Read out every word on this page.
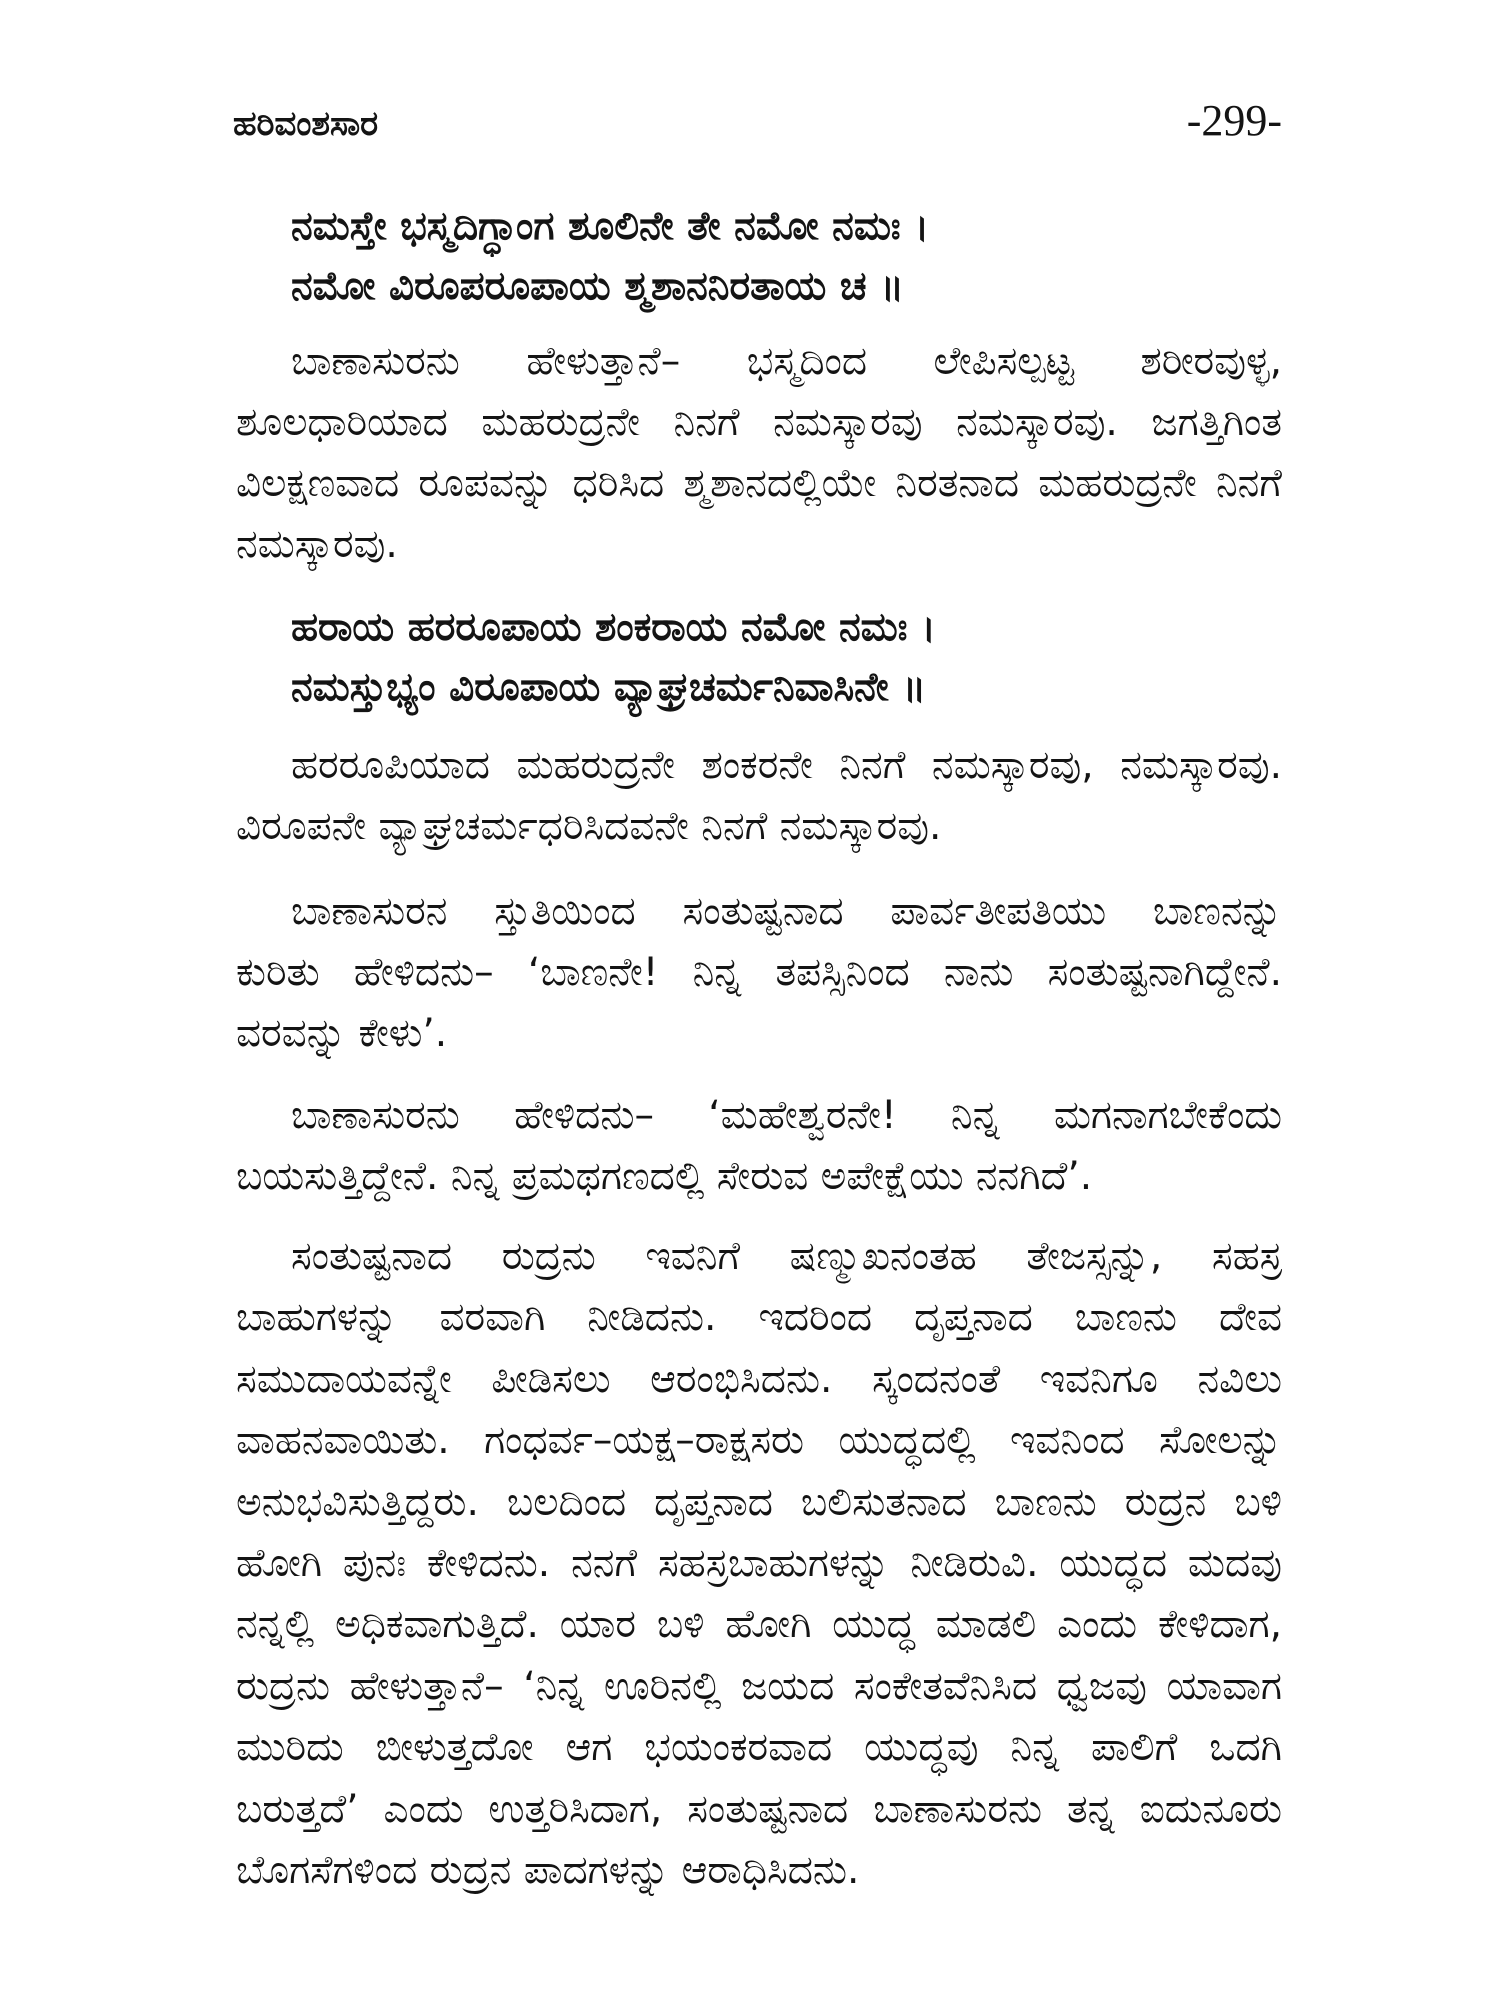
ಹರಿವಂಶಸಾರ	-299-
ನಮಸ್ತೇ ಭಸ್ಮದಿಗ್ಧಾಂಗ ಶೂಲಿನೇ ತೇ ನಮೋ ನಮಃ ।
ನಮೋ ವಿರೂಪರೂಪಾಯ ಶ್ಮಶಾನನಿರತಾಯ ಚ ॥
ಬಾಣಾಸುರನು ಹೇಳುತ್ತಾನೆ– ಭಸ್ಮದಿಂದ ಲೇಪಿಸಲ್ಪಟ್ಟ ಶರೀರವುಳ್ಳ,
ಶೂಲಧಾರಿಯಾದ ಮಹರುದ್ರನೇ ನಿನಗೆ ನಮಸ್ಕಾರವು ನಮಸ್ಕಾರವು. ಜಗತ್ತಿಗಿಂತ
ವಿಲಕ್ಷಣವಾದ ರೂಪವನ್ನು ಧರಿಸಿದ ಶ್ಮಶಾನದಲ್ಲಿಯೇ ನಿರತನಾದ ಮಹರುದ್ರನೇ ನಿನಗೆ
ನಮಸ್ಕಾರವು.
ಹರಾಯ ಹರರೂಪಾಯ ಶಂಕರಾಯ ನಮೋ ನಮಃ ।
ನಮಸ್ತುಭ್ಯಂ ವಿರೂಪಾಯ ವ್ಯಾಘ್ರಚರ್ಮನಿವಾಸಿನೇ ॥
ಹರರೂಪಿಯಾದ ಮಹರುದ್ರನೇ ಶಂಕರನೇ ನಿನಗೆ ನಮಸ್ಕಾರವು, ನಮಸ್ಕಾರವು.
ವಿರೂಪನೇ ವ್ಯಾಘ್ರಚರ್ಮಧರಿಸಿದವನೇ ನಿನಗೆ ನಮಸ್ಕಾರವು.
ಬಾಣಾಸುರನ ಸ್ತುತಿಯಿಂದ ಸಂತುಷ್ಟನಾದ ಪಾರ್ವತೀಪತಿಯು ಬಾಣನನ್ನು
ಕುರಿತು ಹೇಳಿದನು– ‘ಬಾಣನೇ! ನಿನ್ನ ತಪಸ್ಸಿನಿಂದ ನಾನು ಸಂತುಷ್ಟನಾಗಿದ್ದೇನೆ.
ವರವನ್ನು ಕೇಳು’.
ಬಾಣಾಸುರನು ಹೇಳಿದನು– ‘ಮಹೇಶ್ವರನೇ! ನಿನ್ನ ಮಗನಾಗಬೇಕೆಂದು
ಬಯಸುತ್ತಿದ್ದೇನೆ. ನಿನ್ನ ಪ್ರಮಥಗಣದಲ್ಲಿ ಸೇರುವ ಅಪೇಕ್ಷೆಯು ನನಗಿದೆ’.
ಸಂತುಷ್ಟನಾದ ರುದ್ರನು ಇವನಿಗೆ ಷಣ್ಮುಖನಂತಹ ತೇಜಸ್ಸನ್ನು, ಸಹಸ್ರ
ಬಾಹುಗಳನ್ನು ವರವಾಗಿ ನೀಡಿದನು. ಇದರಿಂದ ದೃಪ್ತನಾದ ಬಾಣನು ದೇವ
ಸಮುದಾಯವನ್ನೇ ಪೀಡಿಸಲು ಆರಂಭಿಸಿದನು. ಸ್ಕಂದನಂತೆ ಇವನಿಗೂ ನವಿಲು
ವಾಹನವಾಯಿತು. ಗಂಧರ್ವ–ಯಕ್ಷ–ರಾಕ್ಷಸರು ಯುದ್ಧದಲ್ಲಿ ಇವನಿಂದ ಸೋಲನ್ನು
ಅನುಭವಿಸುತ್ತಿದ್ದರು. ಬಲದಿಂದ ದೃಪ್ತನಾದ ಬಲಿಸುತನಾದ ಬಾಣನು ರುದ್ರನ ಬಳಿ
ಹೋಗಿ ಪುನಃ ಕೇಳಿದನು. ನನಗೆ ಸಹಸ್ರಬಾಹುಗಳನ್ನು ನೀಡಿರುವಿ. ಯುದ್ಧದ ಮದವು
ನನ್ನಲ್ಲಿ ಅಧಿಕವಾಗುತ್ತಿದೆ. ಯಾರ ಬಳಿ ಹೋಗಿ ಯುದ್ಧ ಮಾಡಲಿ ಎಂದು ಕೇಳಿದಾಗ,
ರುದ್ರನು ಹೇಳುತ್ತಾನೆ– ‘ನಿನ್ನ ಊರಿನಲ್ಲಿ ಜಯದ ಸಂಕೇತವೆನಿಸಿದ ಧ್ವಜವು ಯಾವಾಗ
ಮುರಿದು ಬೀಳುತ್ತದೋ ಆಗ ಭಯಂಕರವಾದ ಯುದ್ಧವು ನಿನ್ನ ಪಾಲಿಗೆ ಒದಗಿ
ಬರುತ್ತದೆ’ ಎಂದು ಉತ್ತರಿಸಿದಾಗ, ಸಂತುಷ್ಟನಾದ ಬಾಣಾಸುರನು ತನ್ನ ಐದುನೂರು
ಬೊಗಸೆಗಳಿಂದ ರುದ್ರನ ಪಾದಗಳನ್ನು ಆರಾಧಿಸಿದನು.
